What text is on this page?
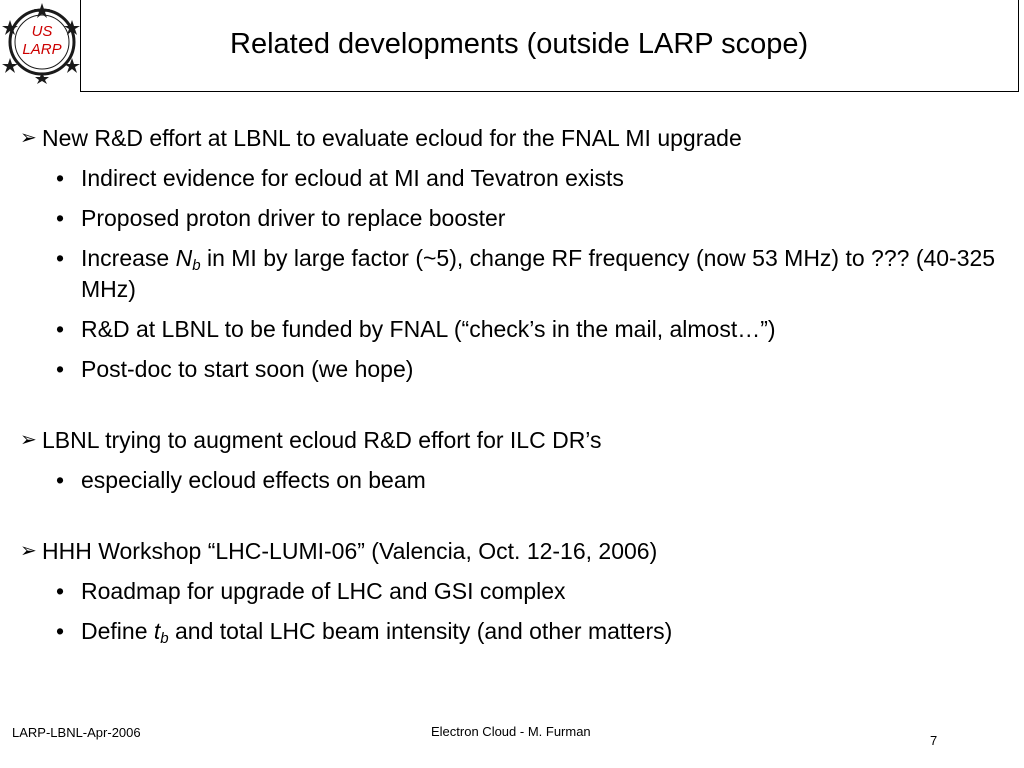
US
LARP	Related developments (outside LARP scope)
➢ New R&D effort at LBNL to evaluate ecloud for the FNAL MI upgrade
• Indirect evidence for ecloud at MI and Tevatron exists
• Proposed proton driver to replace booster
• Increase $N_b$ in MI by large factor (~5), change RF frequency (now 53 MHz) to ??? (40-325 MHz)
• R&D at LBNL to be funded by FNAL (“check’s in the mail, almost…”)
• Post-doc to start soon (we hope)
➢ LBNL trying to augment ecloud R&D effort for ILC DR’s
• especially ecloud effects on beam
➢ HHH Workshop “LHC-LUMI-06” (Valencia, Oct. 12-16, 2006)
• Roadmap for upgrade of LHC and GSI complex
• Define $t_b$ and total LHC beam intensity (and other matters)
LARP-LBNL-Apr-2006	Electron Cloud - M. Furman
7
